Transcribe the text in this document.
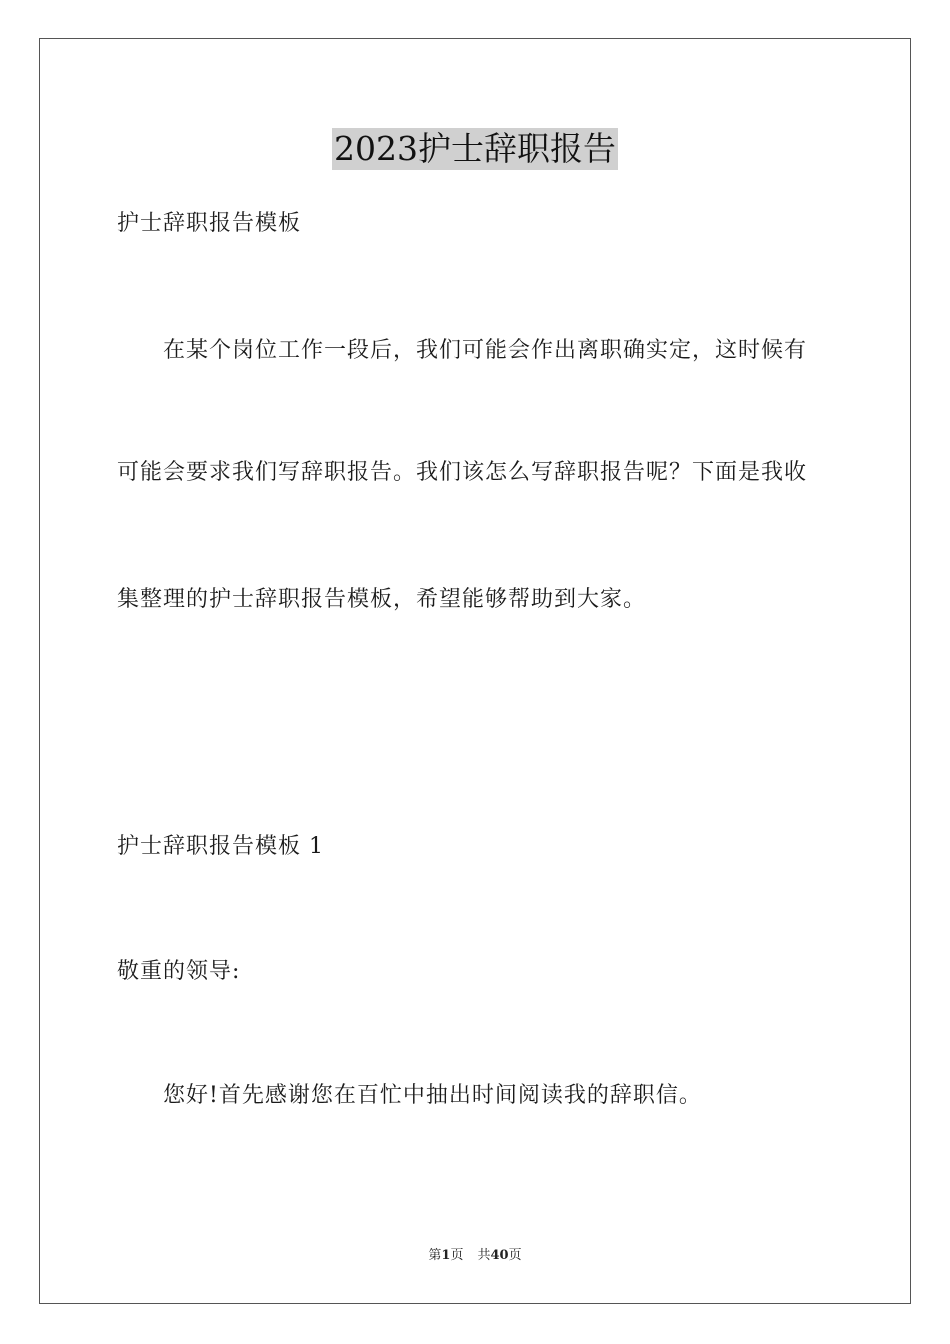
2023护士辞职报告
护士辞职报告模板
在某个岗位工作一段后，我们可能会作出离职确实定，这时候有
可能会要求我们写辞职报告。我们该怎么写辞职报告呢？下面是我收
集整理的护士辞职报告模板，希望能够帮助到大家。
护士辞职报告模板 1
敬重的领导:
您好!首先感谢您在百忙中抽出时间阅读我的辞职信。
第1页 共40页
